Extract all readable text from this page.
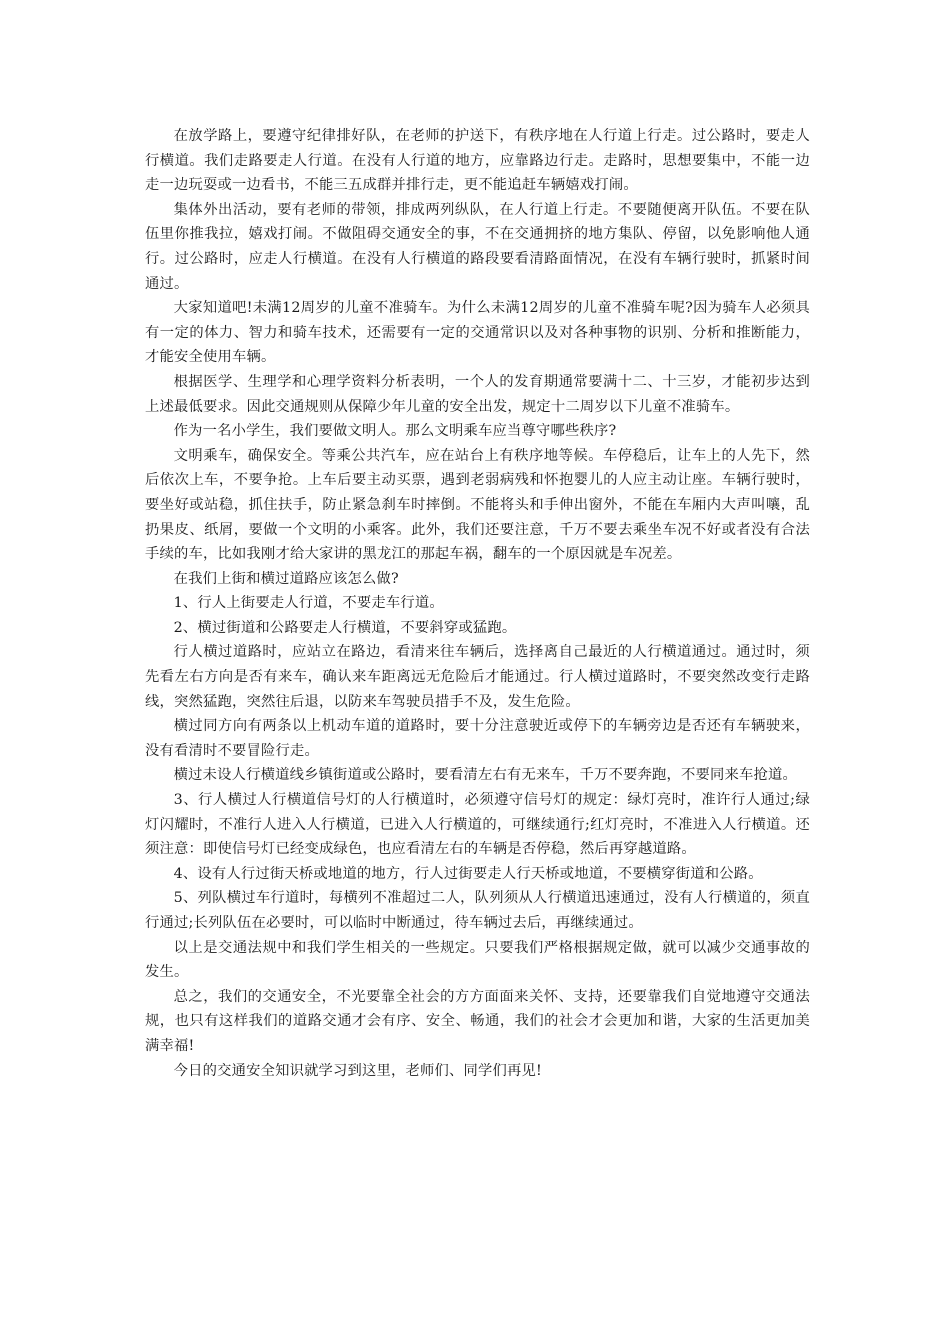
在放学路上，要遵守纪律排好队，在老师的护送下，有秩序地在人行道上行走。过公路时，要走人行横道。我们走路要走人行道。在没有人行道的地方，应靠路边行走。走路时，思想要集中，不能一边走一边玩耍或一边看书，不能三五成群并排行走，更不能追赶车辆嬉戏打闹。

集体外出活动，要有老师的带领，排成两列纵队，在人行道上行走。不要随便离开队伍。不要在队伍里你推我拉，嬉戏打闹。不做阻碍交通安全的事，不在交通拥挤的地方集队、停留，以免影响他人通行。过公路时，应走人行横道。在没有人行横道的路段要看清路面情况，在没有车辆行驶时，抓紧时间通过。

大家知道吧!未满12周岁的儿童不准骑车。为什么未满12周岁的儿童不准骑车呢?因为骑车人必须具有一定的体力、智力和骑车技术，还需要有一定的交通常识以及对各种事物的识别、分析和推断能力，才能安全使用车辆。

根据医学、生理学和心理学资料分析表明，一个人的发育期通常要满十二、十三岁，才能初步达到上述最低要求。因此交通规则从保障少年儿童的安全出发，规定十二周岁以下儿童不准骑车。

作为一名小学生，我们要做文明人。那么文明乘车应当尊守哪些秩序?

文明乘车，确保安全。等乘公共汽车，应在站台上有秩序地等候。车停稳后，让车上的人先下，然后依次上车，不要争抢。上车后要主动买票，遇到老弱病残和怀抱婴儿的人应主动让座。车辆行驶时，要坐好或站稳，抓住扶手，防止紧急刹车时摔倒。不能将头和手伸出窗外，不能在车厢内大声叫嚷，乱扔果皮、纸屑，要做一个文明的小乘客。此外，我们还要注意，千万不要去乘坐车况不好或者没有合法手续的车，比如我刚才给大家讲的黑龙江的那起车祸，翻车的一个原因就是车况差。

在我们上街和横过道路应该怎么做?

1、行人上街要走人行道，不要走车行道。

2、横过街道和公路要走人行横道，不要斜穿或猛跑。

行人横过道路时，应站立在路边，看清来往车辆后，选择离自己最近的人行横道通过。通过时，须先看左右方向是否有来车，确认来车距离远无危险后才能通过。行人横过道路时，不要突然改变行走路线，突然猛跑，突然往后退，以防来车驾驶员措手不及，发生危险。

横过同方向有两条以上机动车道的道路时，要十分注意驶近或停下的车辆旁边是否还有车辆驶来，没有看清时不要冒险行走。

横过未设人行横道线乡镇街道或公路时，要看清左右有无来车，千万不要奔跑，不要同来车抢道。

3、行人横过人行横道信号灯的人行横道时，必须遵守信号灯的规定：绿灯亮时，准许行人通过;绿灯闪耀时，不准行人进入人行横道，已进入人行横道的，可继续通行;红灯亮时，不准进入人行横道。还须注意：即使信号灯已经变成绿色，也应看清左右的车辆是否停稳，然后再穿越道路。

4、设有人行过街天桥或地道的地方，行人过街要走人行天桥或地道，不要横穿街道和公路。

5、列队横过车行道时，每横列不准超过二人，队列须从人行横道迅速通过，没有人行横道的，须直行通过;长列队伍在必要时，可以临时中断通过，待车辆过去后，再继续通过。

以上是交通法规中和我们学生相关的一些规定。只要我们严格根据规定做，就可以减少交通事故的发生。

总之，我们的交通安全，不光要靠全社会的方方面面来关怀、支持，还要靠我们自觉地遵守交通法规，也只有这样我们的道路交通才会有序、安全、畅通，我们的社会才会更加和谐，大家的生活更加美满幸福!

今日的交通安全知识就学习到这里，老师们、同学们再见!
